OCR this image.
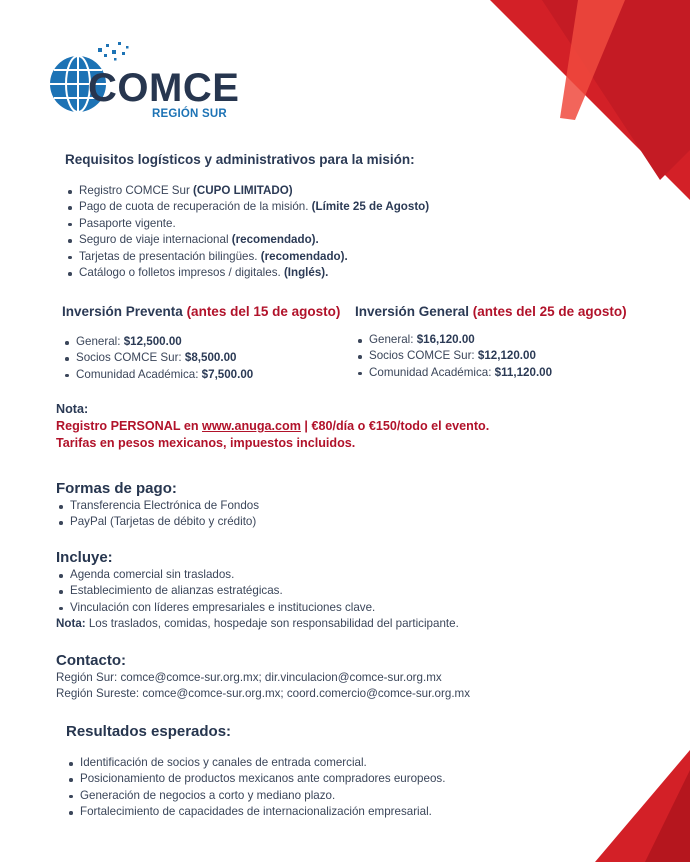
COMCE
REGIÓN SUR
Requisitos logísticos y administrativos para la misión:
Registro COMCE Sur (CUPO LIMITADO)
Pago de cuota de recuperación de la misión. (Límite 25 de Agosto)
Pasaporte vigente.
Seguro de viaje internacional (recomendado).
Tarjetas de presentación bilingües. (recomendado).
Catálogo o folletos impresos / digitales. (Inglés).
Inversión Preventa (antes del 15 de agosto)
General: $12,500.00
Socios COMCE Sur: $8,500.00
Comunidad Académica: $7,500.00
Inversión General (antes del 25 de agosto)
General: $16,120.00
Socios COMCE Sur: $12,120.00
Comunidad Académica: $11,120.00
Nota:
Registro PERSONAL en www.anuga.com | €80/día o €150/todo el evento.
Tarifas en pesos mexicanos, impuestos incluidos.
Formas de pago:
Transferencia Electrónica de Fondos
PayPal (Tarjetas de débito y crédito)
Incluye:
Agenda comercial sin traslados.
Establecimiento de alianzas estratégicas.
Vinculación con líderes empresariales e instituciones clave.
Nota: Los traslados, comidas, hospedaje son responsabilidad del participante.
Contacto:
Región Sur: comce@comce-sur.org.mx; dir.vinculacion@comce-sur.org.mx
Región Sureste: comce@comce-sur.org.mx; coord.comercio@comce-sur.org.mx
Resultados esperados:
Identificación de socios y canales de entrada comercial.
Posicionamiento de productos mexicanos ante compradores europeos.
Generación de negocios a corto y mediano plazo.
Fortalecimiento de capacidades de internacionalización empresarial.
